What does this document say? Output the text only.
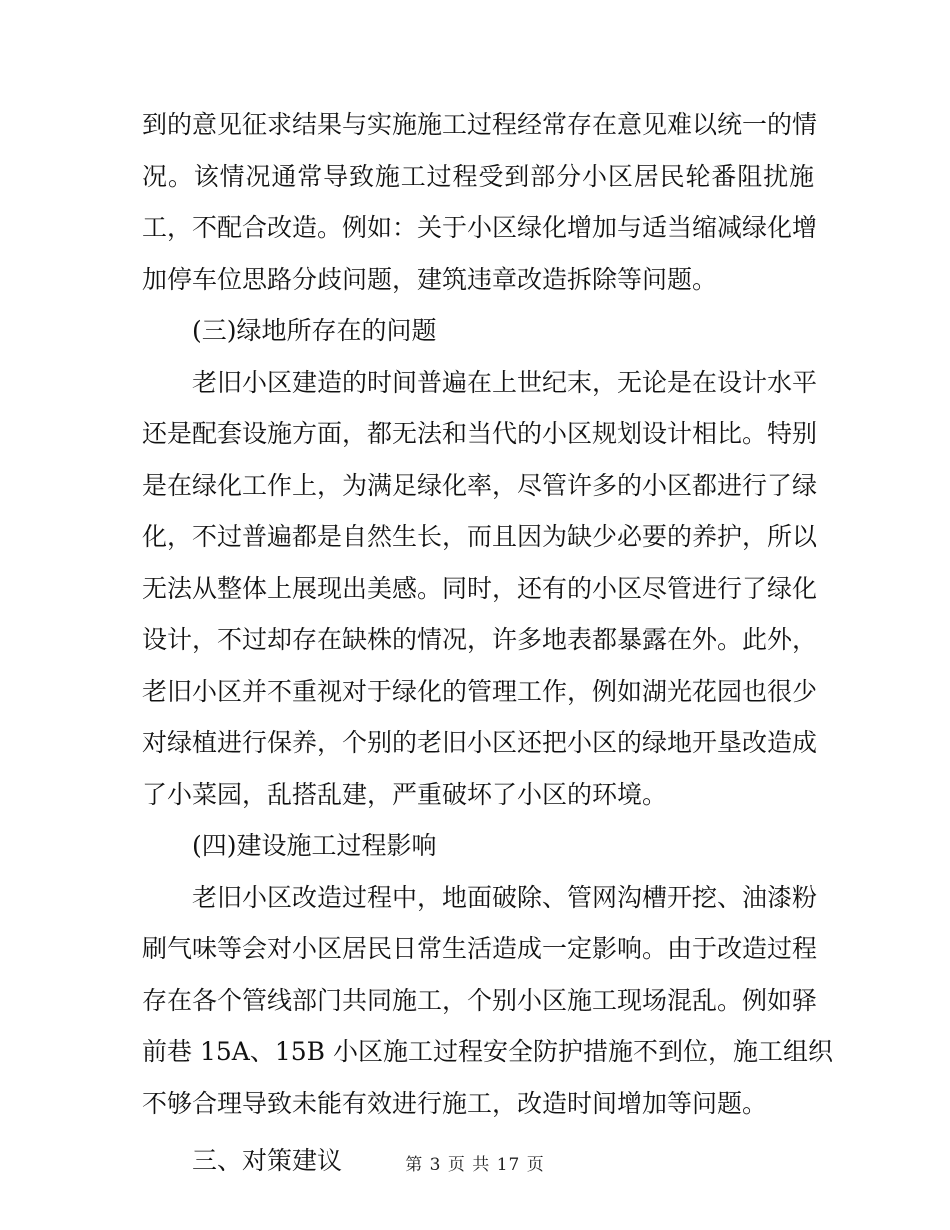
到的意见征求结果与实施施工过程经常存在意见难以统一的情
况。该情况通常导致施工过程受到部分小区居民轮番阻扰施
工，不配合改造。例如：关于小区绿化增加与适当缩减绿化增
加停车位思路分歧问题，建筑违章改造拆除等问题。
(三)绿地所存在的问题
老旧小区建造的时间普遍在上世纪末，无论是在设计水平
还是配套设施方面，都无法和当代的小区规划设计相比。特别
是在绿化工作上，为满足绿化率，尽管许多的小区都进行了绿
化，不过普遍都是自然生长，而且因为缺少必要的养护，所以
无法从整体上展现出美感。同时，还有的小区尽管进行了绿化
设计，不过却存在缺株的情况，许多地表都暴露在外。此外，
老旧小区并不重视对于绿化的管理工作，例如湖光花园也很少
对绿植进行保养，个别的老旧小区还把小区的绿地开垦改造成
了小菜园，乱搭乱建，严重破坏了小区的环境。
(四)建设施工过程影响
老旧小区改造过程中，地面破除、管网沟槽开挖、油漆粉
刷气味等会对小区居民日常生活造成一定影响。由于改造过程
存在各个管线部门共同施工，个别小区施工现场混乱。例如驿
前巷 15A、15B 小区施工过程安全防护措施不到位，施工组织
不够合理导致未能有效进行施工，改造时间增加等问题。
三、对策建议	第 3 页 共 17 页
